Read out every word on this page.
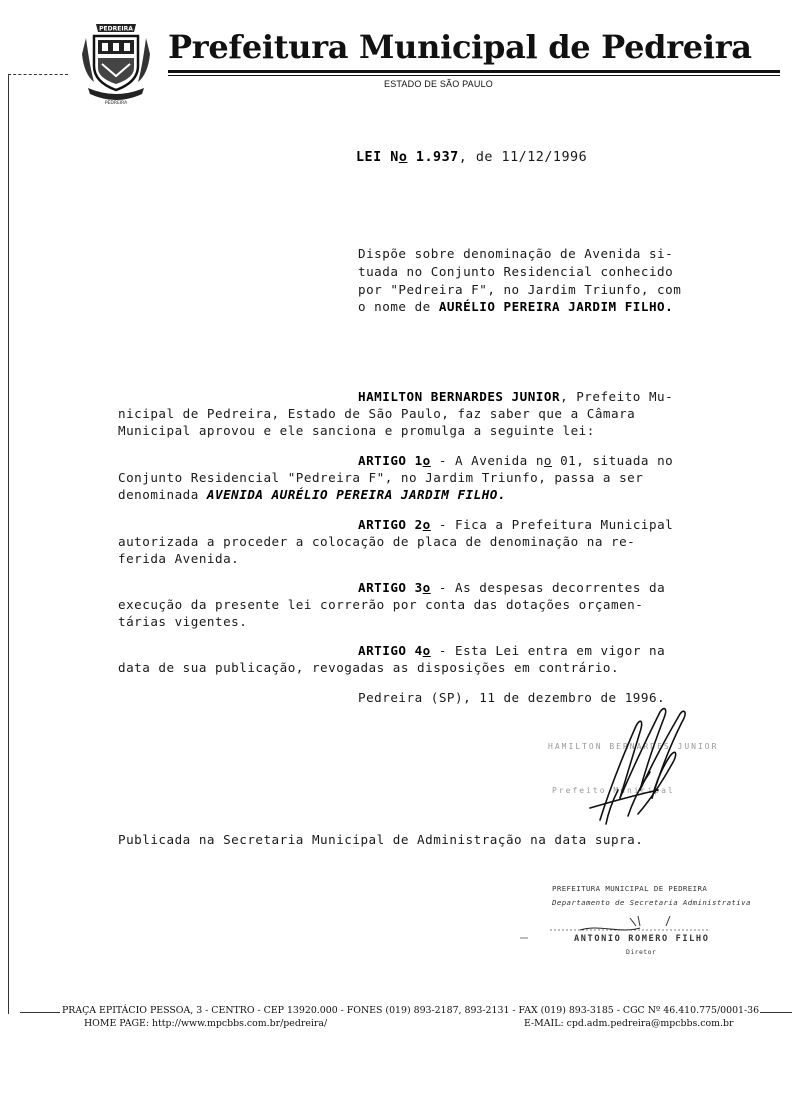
PEDREIRA
PEDREIRA
Prefeitura Municipal de Pedreira
ESTADO DE SÃO PAULO
LEI No 1.937, de 11/12/1996
Dispõe sobre denominação de Avenida si-
tuada no Conjunto Residencial conhecido
por "Pedreira F", no Jardim Triunfo, com
o nome de AURÉLIO PEREIRA JARDIM FILHO.
HAMILTON BERNARDES JUNIOR, Prefeito Mu-
nicipal de Pedreira, Estado de São Paulo, faz saber que a Câmara
Municipal aprovou e ele sanciona e promulga a seguinte lei:
ARTIGO 1o - A Avenida no 01, situada no
Conjunto Residencial "Pedreira F", no Jardim Triunfo, passa a ser
denominada AVENIDA AURÉLIO PEREIRA JARDIM FILHO.
ARTIGO 2o - Fica a Prefeitura Municipal
autorizada a proceder a colocação de placa de denominação na re-
ferida Avenida.
ARTIGO 3o - As despesas decorrentes da
execução da presente lei correrão por conta das dotações orçamen-
tárias vigentes.
ARTIGO 4o - Esta Lei entra em vigor na
data de sua publicação, revogadas as disposições em contrário.
Pedreira (SP), 11 de dezembro de 1996.
HAMILTON BERNARDES JUNIOR
Prefeito Municipal
Publicada na Secretaria Municipal de Administração na data supra.
PREFEITURA MUNICIPAL DE PEDREIRA
Departamento de Secretaria Administrativa
ANTONIO ROMERO FILHO
Diretor
PRAÇA EPITÁCIO PESSOA, 3 - CENTRO - CEP 13920.000 - FONES (019) 893-2187, 893-2131 - FAX (019) 893-3185 - CGC Nº 46.410.775/0001-36
HOME PAGE: http://www.mpcbbs.com.br/pedreira/	E-MAIL: cpd.adm.pedreira@mpcbbs.com.br
